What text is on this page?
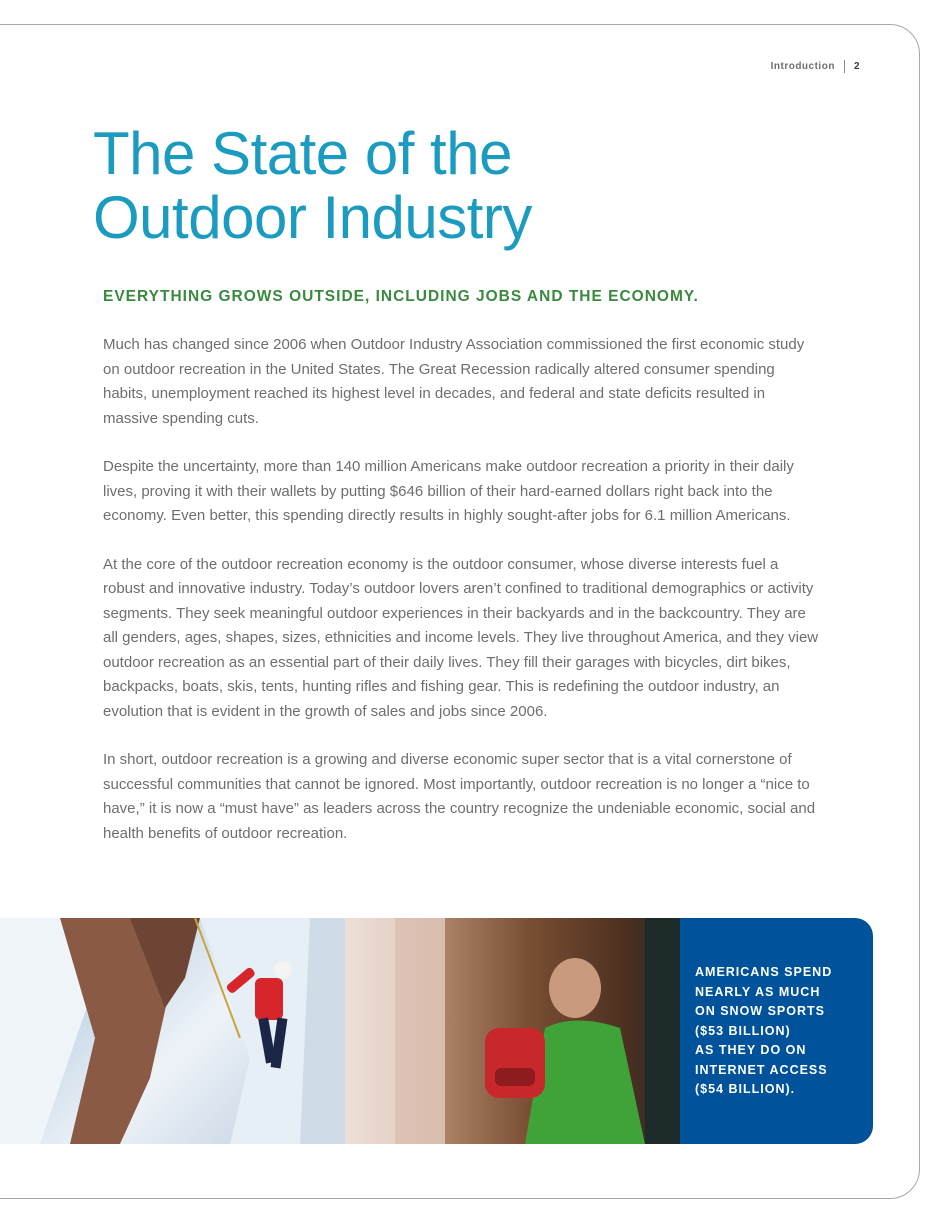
Introduction 2
The State of the
Outdoor Industry
EVERYTHING GROWS OUTSIDE, INCLUDING JOBS AND THE ECONOMY.

Much has changed since 2006 when Outdoor Industry Association commissioned the first economic study on outdoor recreation in the United States. The Great Recession radically altered consumer spending habits, unemployment reached its highest level in decades, and federal and state deficits resulted in massive spending cuts.

Despite the uncertainty, more than 140 million Americans make outdoor recreation a priority in their daily lives, proving it with their wallets by putting $646 billion of their hard-earned dollars right back into the economy. Even better, this spending directly results in highly sought-after jobs for 6.1 million Americans.

At the core of the outdoor recreation economy is the outdoor consumer, whose diverse interests fuel a robust and innovative industry. Today’s outdoor lovers aren’t confined to traditional demographics or activity segments. They seek meaningful outdoor experiences in their backyards and in the backcountry. They are all genders, ages, shapes, sizes, ethnicities and income levels. They live throughout America, and they view outdoor recreation as an essential part of their daily lives. They fill their garages with bicycles, dirt bikes, backpacks, boats, skis, tents, hunting rifles and fishing gear. This is redefining the outdoor industry, an evolution that is evident in the growth of sales and jobs since 2006.

In short, outdoor recreation is a growing and diverse economic super sector that is a vital cornerstone of successful communities that cannot be ignored. Most importantly, outdoor recreation is no longer a “nice to have,” it is now a “must have” as leaders across the country recognize the undeniable economic, social and health benefits of outdoor recreation.

AMERICANS SPEND
NEARLY AS MUCH
ON SNOW SPORTS
($53 BILLION)
AS THEY DO ON
INTERNET ACCESS
($54 BILLION).
